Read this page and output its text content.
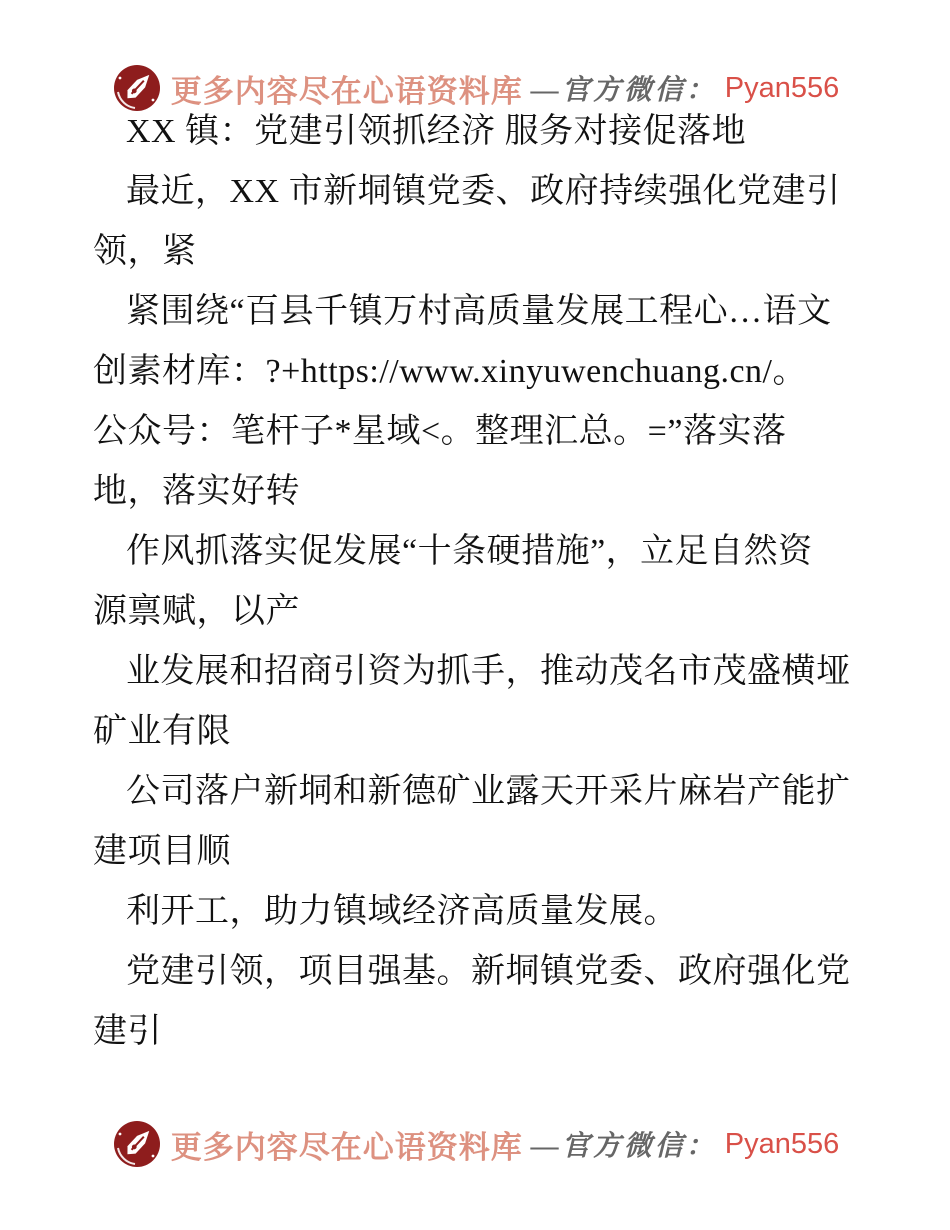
更多内容尽在心语资料库 —官方微信： Pyan556
XX 镇：党建引领抓经济 服务对接促落地
最近，XX 市新垌镇党委、政府持续强化党建引
领，紧
紧围绕“百县千镇万村高质量发展工程心…语文
创素材库：?+https://www.xinyuwenchuang.cn/。
公众号：笔杆子*星域<。整理汇总。=”落实落
地，落实好转
作风抓落实促发展“十条硬措施”，立足自然资
源禀赋，以产
业发展和招商引资为抓手，推动茂名市茂盛横垭
矿业有限
公司落户新垌和新德矿业露天开采片麻岩产能扩
建项目顺
利开工，助力镇域经济高质量发展。
党建引领，项目强基。新垌镇党委、政府强化党
建引
更多内容尽在心语资料库 —官方微信： Pyan556
